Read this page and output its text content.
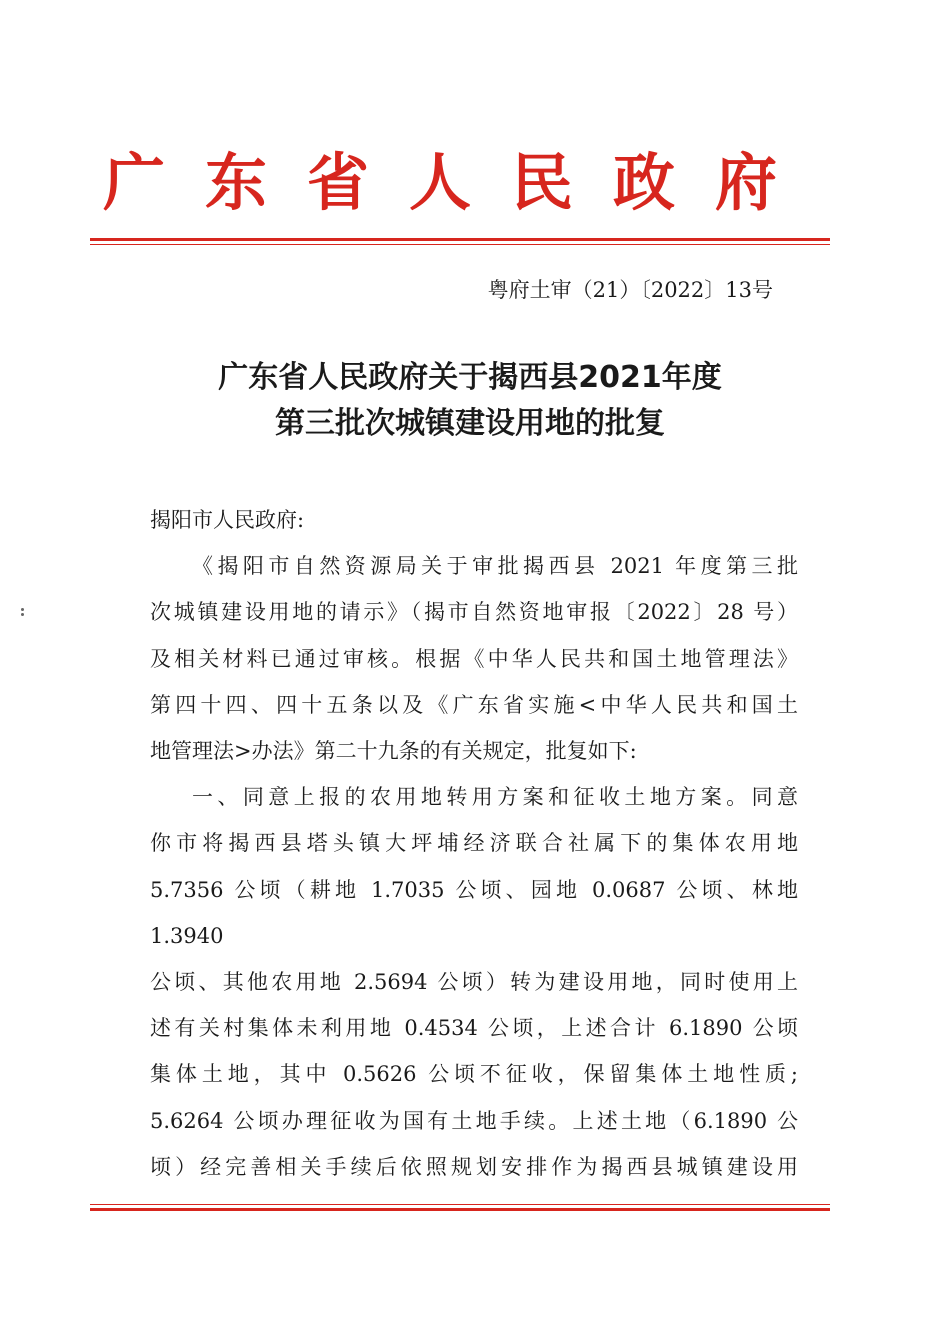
广东省人民政府
粤府土审（21）〔2022〕13号
广东省人民政府关于揭西县2021年度
第三批次城镇建设用地的批复

揭阳市人民政府:

《揭阳市自然资源局关于审批揭西县 2021 年度第三批

次城镇建设用地的请示》（揭市自然资地审报〔2022〕28 号）

及相关材料已通过审核。根据《中华人民共和国土地管理法》

第四十四、四十五条以及《广东省实施<中华人民共和国土

地管理法>办法》第二十九条的有关规定，批复如下:

一、同意上报的农用地转用方案和征收土地方案。同意

你市将揭西县塔头镇大坪埔经济联合社属下的集体农用地

5.7356 公顷（耕地 1.7035 公顷、园地 0.0687 公顷、林地 1.3940

公顷、其他农用地 2.5694 公顷）转为建设用地，同时使用上

述有关村集体未利用地 0.4534 公顷，上述合计 6.1890 公顷

集体土地，其中 0.5626 公顷不征收，保留集体土地性质;

5.6264 公顷办理征收为国有土地手续。上述土地（6.1890 公

顷）经完善相关手续后依照规划安排作为揭西县城镇建设用
